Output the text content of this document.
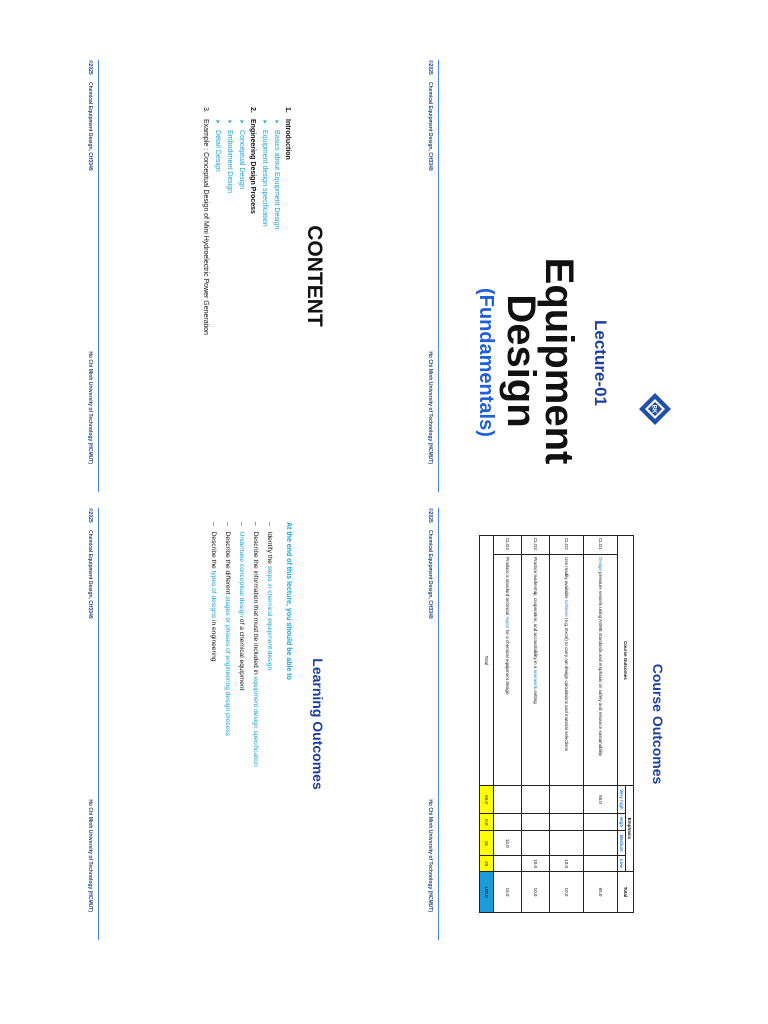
BK
Lecture-01
Equipment
Design
(Fundamentals)
©2025
Chemical Equipment Design, CH3349
Ho Chi Minh University of Technology (HCMUT)
CONTENT
1.Introduction
➤ Basics about Equipment Design
➤ Equipment design specification
2.Engineering Design Process
➤ Conceptual Design
➤ Embodiment Design
➤ Detail Design
3.Example : Conceptual Design of Mini Hydroelectric Power Generation
©2025
Chemical Equipment Design, CH3349
Ho Chi Minh University of Technology (HCMUT)
Course Outcomes
Course Outcomes		Emphasis				Total
		Very high	High	Medium	Low	
CLO1	Design pressure vessels using ASME standards and emphasis on safety and resource sustainability	65.0				65.0
CLO2	Use readily available software (e.g. Excel) to carry out design calculations and material selections				10.0	10.0
CLO3	Practice leadership, cooperation, and accountability in a teamwork setting				10.0	10.0
CLO4	Produce a standard technical report for a chemical equipment design			15.0		15.0
Total		65.0	0.0	15	20	100.0
©2025
Chemical Equipment Design, CH3349
Ho Chi Minh University of Technology (HCMUT)
Learning Outcomes
At the end of this lecture, you should be able to
– Identify the steps in chemical equipment design
– Describe the information that must be included in equipment design specification
– Undertake conceptual design of a chemical equipment
– Describe the different stages or phases of engineering design process
– Describe the types of designs in engineering
©2025
Chemical Equipment Design, CH3349
Ho Chi Minh University of Technology (HCMUT)
